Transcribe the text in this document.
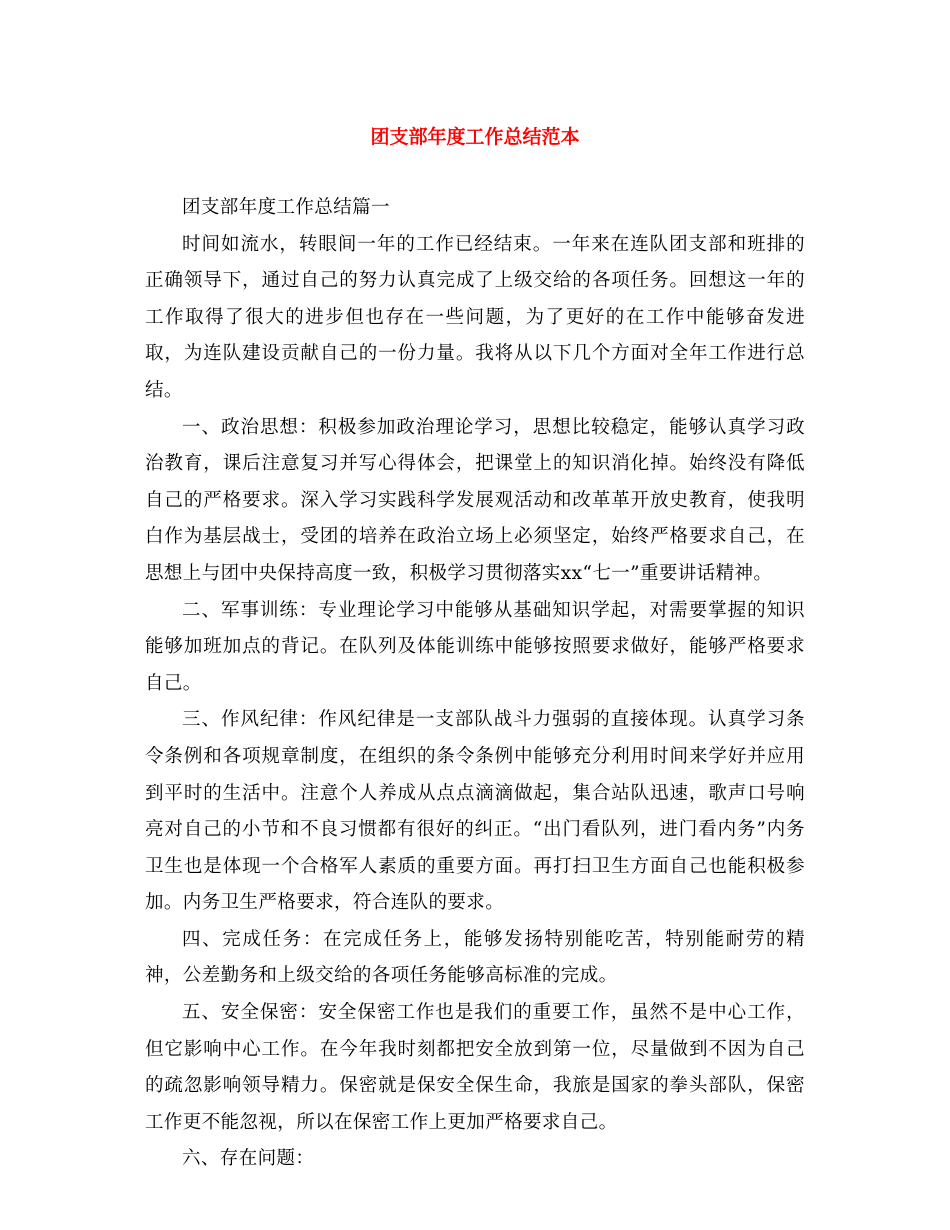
团支部年度工作总结范本

团支部年度工作总结篇一

时间如流水，转眼间一年的工作已经结束。一年来在连队团支部和班排的正确领导下，通过自己的努力认真完成了上级交给的各项任务。回想这一年的工作取得了很大的进步但也存在一些问题，为了更好的在工作中能够奋发进取，为连队建设贡献自己的一份力量。我将从以下几个方面对全年工作进行总结。

一、政治思想：积极参加政治理论学习，思想比较稳定，能够认真学习政治教育，课后注意复习并写心得体会，把课堂上的知识消化掉。始终没有降低自己的严格要求。深入学习实践科学发展观活动和改革革开放史教育，使我明白作为基层战士，受团的培养在政治立场上必须坚定，始终严格要求自己，在思想上与团中央保持高度一致，积极学习贯彻落实xx“七一”重要讲话精神。

二、军事训练：专业理论学习中能够从基础知识学起，对需要掌握的知识能够加班加点的背记。在队列及体能训练中能够按照要求做好，能够严格要求自己。

三、作风纪律：作风纪律是一支部队战斗力强弱的直接体现。认真学习条令条例和各项规章制度，在组织的条令条例中能够充分利用时间来学好并应用到平时的生活中。注意个人养成从点点滴滴做起，集合站队迅速，歌声口号响亮对自己的小节和不良习惯都有很好的纠正。“出门看队列，进门看内务”内务卫生也是体现一个合格军人素质的重要方面。再打扫卫生方面自己也能积极参加。内务卫生严格要求，符合连队的要求。

四、完成任务：在完成任务上，能够发扬特别能吃苦，特别能耐劳的精神，公差勤务和上级交给的各项任务能够高标准的完成。

五、安全保密：安全保密工作也是我们的重要工作，虽然不是中心工作，但它影响中心工作。在今年我时刻都把安全放到第一位，尽量做到不因为自己的疏忽影响领导精力。保密就是保安全保生命，我旅是国家的拳头部队，保密工作更不能忽视，所以在保密工作上更加严格要求自己。

六、存在问题：
